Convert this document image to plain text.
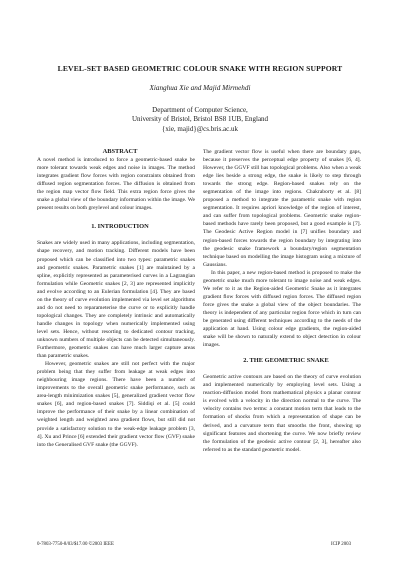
LEVEL-SET BASED GEOMETRIC COLOUR SNAKE WITH REGION SUPPORT
Xianghua Xie and Majid Mirmehdi
Department of Computer Science,
University of Bristol, Bristol BS8 1UB, England
{xie, majid}@cs.bris.ac.uk

ABSTRACT

A novel method is introduced to force a geometric-based snake be more tolerant towards weak edges and noise in images. The method integrates gradient flow forces with region constraints obtained from diffused region segmentation forces. The diffusion is obtained from the region map vector flow field. This extra region force gives the snake a global view of the boundary information within the image. We present results on both greylevel and colour images.

1. INTRODUCTION

Snakes are widely used in many applications, including segmentation, shape recovery, and motion tracking. Different models have been proposed which can be classified into two types: parametric snakes and geometric snakes. Parametric snakes [1] are maintained by a spline, explicitly represented as parameterised curves in a Lagrangian formulation while Geometric snakes [2, 3] are represented implicitly and evolve according to an Eulerian formulation [4]. They are based on the theory of curve evolution implemented via level set algorithms and do not need to reparameterise the curve or to explicitly handle topological changes. They are completely intrinsic and automatically handle changes in topology when numerically implemented using level sets. Hence, without resorting to dedicated contour tracking, unknown numbers of multiple objects can be detected simultaneously. Furthermore, geometric snakes can have much larger capture areas than parametric snakes.

However, geometric snakes are still not perfect with the major problem being that they suffer from leakage at weak edges into neighbouring image regions. There have been a number of improvements to the overall geometric snake performance, such as area-length minimization snakes [5], generalized gradient vector flow snakes [6], and region-based snakes [7]. Siddiqi et al. [5] could improve the performance of their snake by a linear combination of weighted length and weighted area gradient flows, but still did not provide a satisfactory solution to the weak-edge leakage problem [3, 4]. Xu and Prince [6] extended their gradient vector flow (GVF) snake into the Generalised GVF snake (the GGVF).

The gradient vector flow is useful when there are boundary gaps, because it preserves the perceptual edge property of snakes [6, 4]. However, the GGVF still has topological problems. Also when a weak edge lies beside a strong edge, the snake is likely to step through towards the strong edge. Region-based snakes rely on the segmentation of the image into regions. Chakraborty et al. [8] proposed a method to integrate the parametric snake with region segmentation. It requires apriori knowledge of the region of interest, and can suffer from topological problems. Geometric snake region-based methods have rarely been proposed, but a good example is [7]. The Geodesic Active Region model in [7] unifies boundary and region-based forces towards the region boundary by integrating into the geodesic snake framework a boundary/region segmentation technique based on modelling the image histogram using a mixture of Gaussians.

In this paper, a new region-based method is proposed to make the geometric snake much more tolerant to image noise and weak edges. We refer to it as the Region-aided Geometric Snake as it integrates gradient flow forces with diffused region forces. The diffused region force gives the snake a global view of the object boundaries. The theory is independent of any particular region force which in turn can be generated using different techniques according to the needs of the application at hand. Using colour edge gradients, the region-aided snake will be shown to naturally extend to object detection in colour images.

2. THE GEOMETRIC SNAKE

Geometric active contours are based on the theory of curve evolution and implemented numerically by employing level sets. Using a reaction-diffusion model from mathematical physics a planar contour is evolved with a velocity in the direction normal to the curve. The velocity contains two terms: a constant motion term that leads to the formation of shocks from which a representation of shape can be derived, and a curvature term that smooths the front, showing up significant features and shortening the curve. We now briefly review the formulation of the geodesic active contour [2, 3], hereafter also referred to as the standard geometric model.

0-7803-7750-8/03/$17.00 ©2003 IEEE	ICIP 2003
